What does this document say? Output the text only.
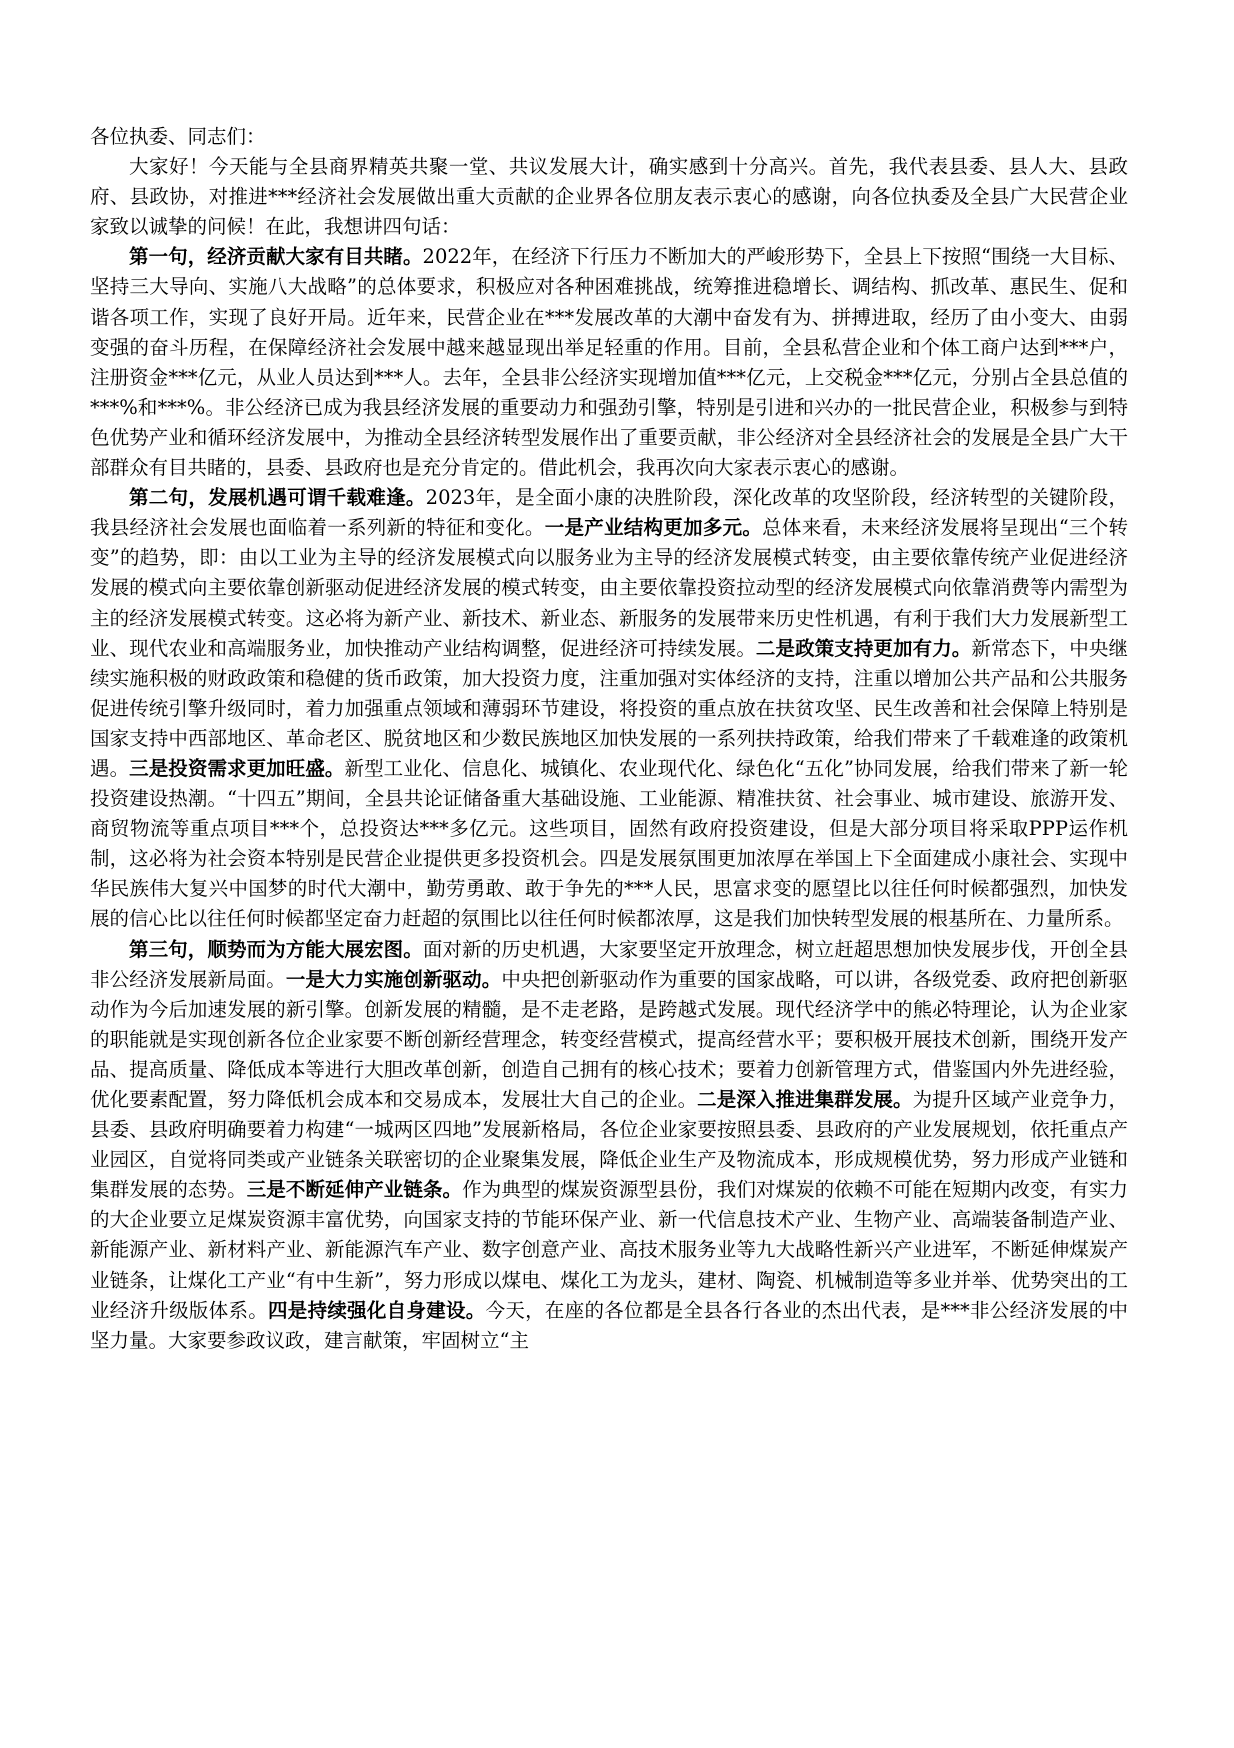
各位执委、同志们：

大家好！今天能与全县商界精英共聚一堂、共议发展大计，确实感到十分高兴。首先，我代表县委、县人大、县政府、县政协，对推进***经济社会发展做出重大贡献的企业界各位朋友表示衷心的感谢，向各位执委及全县广大民营企业家致以诚挚的问候！在此，我想讲四句话：

第一句，经济贡献大家有目共睹。2022年，在经济下行压力不断加大的严峻形势下，全县上下按照“围绕一大目标、坚持三大导向、实施八大战略”的总体要求，积极应对各种困难挑战，统筹推进稳增长、调结构、抓改革、惠民生、促和谐各项工作，实现了良好开局。近年来，民营企业在***发展改革的大潮中奋发有为、拼搏进取，经历了由小变大、由弱变强的奋斗历程，在保障经济社会发展中越来越显现出举足轻重的作用。目前，全县私营企业和个体工商户达到***户，注册资金***亿元，从业人员达到***人。去年，全县非公经济实现增加值***亿元，上交税金***亿元，分别占全县总值的***%和***%。非公经济已成为我县经济发展的重要动力和强劲引擎，特别是引进和兴办的一批民营企业，积极参与到特色优势产业和循环经济发展中，为推动全县经济转型发展作出了重要贡献，非公经济对全县经济社会的发展是全县广大干部群众有目共睹的，县委、县政府也是充分肯定的。借此机会，我再次向大家表示衷心的感谢。

第二句，发展机遇可谓千载难逢。2023年，是全面小康的决胜阶段，深化改革的攻坚阶段，经济转型的关键阶段，我县经济社会发展也面临着一系列新的特征和变化。一是产业结构更加多元。总体来看，未来经济发展将呈现出“三个转变”的趋势，即：由以工业为主导的经济发展模式向以服务业为主导的经济发展模式转变，由主要依靠传统产业促进经济发展的模式向主要依靠创新驱动促进经济发展的模式转变，由主要依靠投资拉动型的经济发展模式向依靠消费等内需型为主的经济发展模式转变。这必将为新产业、新技术、新业态、新服务的发展带来历史性机遇，有利于我们大力发展新型工业、现代农业和高端服务业，加快推动产业结构调整，促进经济可持续发展。二是政策支持更加有力。新常态下，中央继续实施积极的财政政策和稳健的货币政策，加大投资力度，注重加强对实体经济的支持，注重以增加公共产品和公共服务促进传统引擎升级同时，着力加强重点领域和薄弱环节建设，将投资的重点放在扶贫攻坚、民生改善和社会保障上特别是国家支持中西部地区、革命老区、脱贫地区和少数民族地区加快发展的一系列扶持政策，给我们带来了千载难逢的政策机遇。三是投资需求更加旺盛。新型工业化、信息化、城镇化、农业现代化、绿色化“五化”协同发展，给我们带来了新一轮投资建设热潮。“十四五”期间，全县共论证储备重大基础设施、工业能源、精准扶贫、社会事业、城市建设、旅游开发、商贸物流等重点项目***个，总投资达***多亿元。这些项目，固然有政府投资建设，但是大部分项目将采取PPP运作机制，这必将为社会资本特别是民营企业提供更多投资机会。四是发展氛围更加浓厚在举国上下全面建成小康社会、实现中华民族伟大复兴中国梦的时代大潮中，勤劳勇敢、敢于争先的***人民，思富求变的愿望比以往任何时候都强烈，加快发展的信心比以往任何时候都坚定奋力赶超的氛围比以往任何时候都浓厚，这是我们加快转型发展的根基所在、力量所系。

第三句，顺势而为方能大展宏图。面对新的历史机遇，大家要坚定开放理念，树立赶超思想加快发展步伐，开创全县非公经济发展新局面。一是大力实施创新驱动。中央把创新驱动作为重要的国家战略，可以讲，各级党委、政府把创新驱动作为今后加速发展的新引擎。创新发展的精髓，是不走老路，是跨越式发展。现代经济学中的熊必特理论，认为企业家的职能就是实现创新各位企业家要不断创新经营理念，转变经营模式，提高经营水平；要积极开展技术创新，围绕开发产品、提高质量、降低成本等进行大胆改革创新，创造自己拥有的核心技术；要着力创新管理方式，借鉴国内外先进经验，优化要素配置，努力降低机会成本和交易成本，发展壮大自己的企业。二是深入推进集群发展。为提升区域产业竞争力，县委、县政府明确要着力构建“一城两区四地”发展新格局，各位企业家要按照县委、县政府的产业发展规划，依托重点产业园区，自觉将同类或产业链条关联密切的企业聚集发展，降低企业生产及物流成本，形成规模优势，努力形成产业链和集群发展的态势。三是不断延伸产业链条。作为典型的煤炭资源型县份，我们对煤炭的依赖不可能在短期内改变，有实力的大企业要立足煤炭资源丰富优势，向国家支持的节能环保产业、新一代信息技术产业、生物产业、高端装备制造产业、新能源产业、新材料产业、新能源汽车产业、数字创意产业、高技术服务业等九大战略性新兴产业进军，不断延伸煤炭产业链条，让煤化工产业“有中生新”，努力形成以煤电、煤化工为龙头，建材、陶瓷、机械制造等多业并举、优势突出的工业经济升级版体系。四是持续强化自身建设。今天，在座的各位都是全县各行各业的杰出代表，是***非公经济发展的中坚力量。大家要参政议政，建言献策，牢固树立“主
